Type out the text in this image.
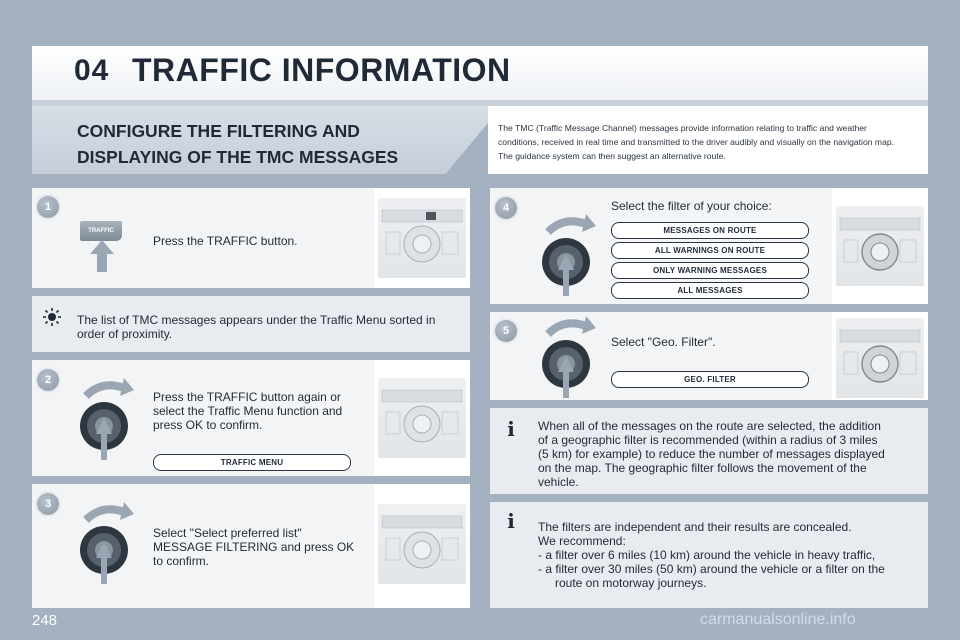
04 TRAFFIC INFORMATION
CONFIGURE THE FILTERING AND
DISPLAYING OF THE TMC MESSAGES
The TMC (Traffic Message Channel) messages provide information relating to traffic and weather
conditions, received in real time and transmitted to the driver audibly and visually on the navigation map.
The guidance system can then suggest an alternative route.
1
TRAFFIC
Press the TRAFFIC button.
The list of TMC messages appears under the Traffic Menu sorted in
order of proximity.
2
Press the TRAFFIC button again or
select the Traffic Menu function and
press OK to confirm.
TRAFFIC MENU
3
Select "Select preferred list"
MESSAGE FILTERING and press OK
to confirm.
4	Select the filter of your choice:
MESSAGES ON ROUTE
ALL WARNINGS ON ROUTE
ONLY WARNING MESSAGES
ALL MESSAGES
5
Select "Geo. Filter".
GEO. FILTER
i	When all of the messages on the route are selected, the addition
of a geographic filter is recommended (within a radius of 3 miles
(5 km) for example) to reduce the number of messages displayed
on the map. The geographic filter follows the movement of the
vehicle.
i	The filters are independent and their results are concealed.
We recommend:
- a filter over 6 miles (10 km) around the vehicle in heavy traffic,
- a filter over 30 miles (50 km) around the vehicle or a filter on the
route on motorway journeys.
248	carmanualsonline.info
